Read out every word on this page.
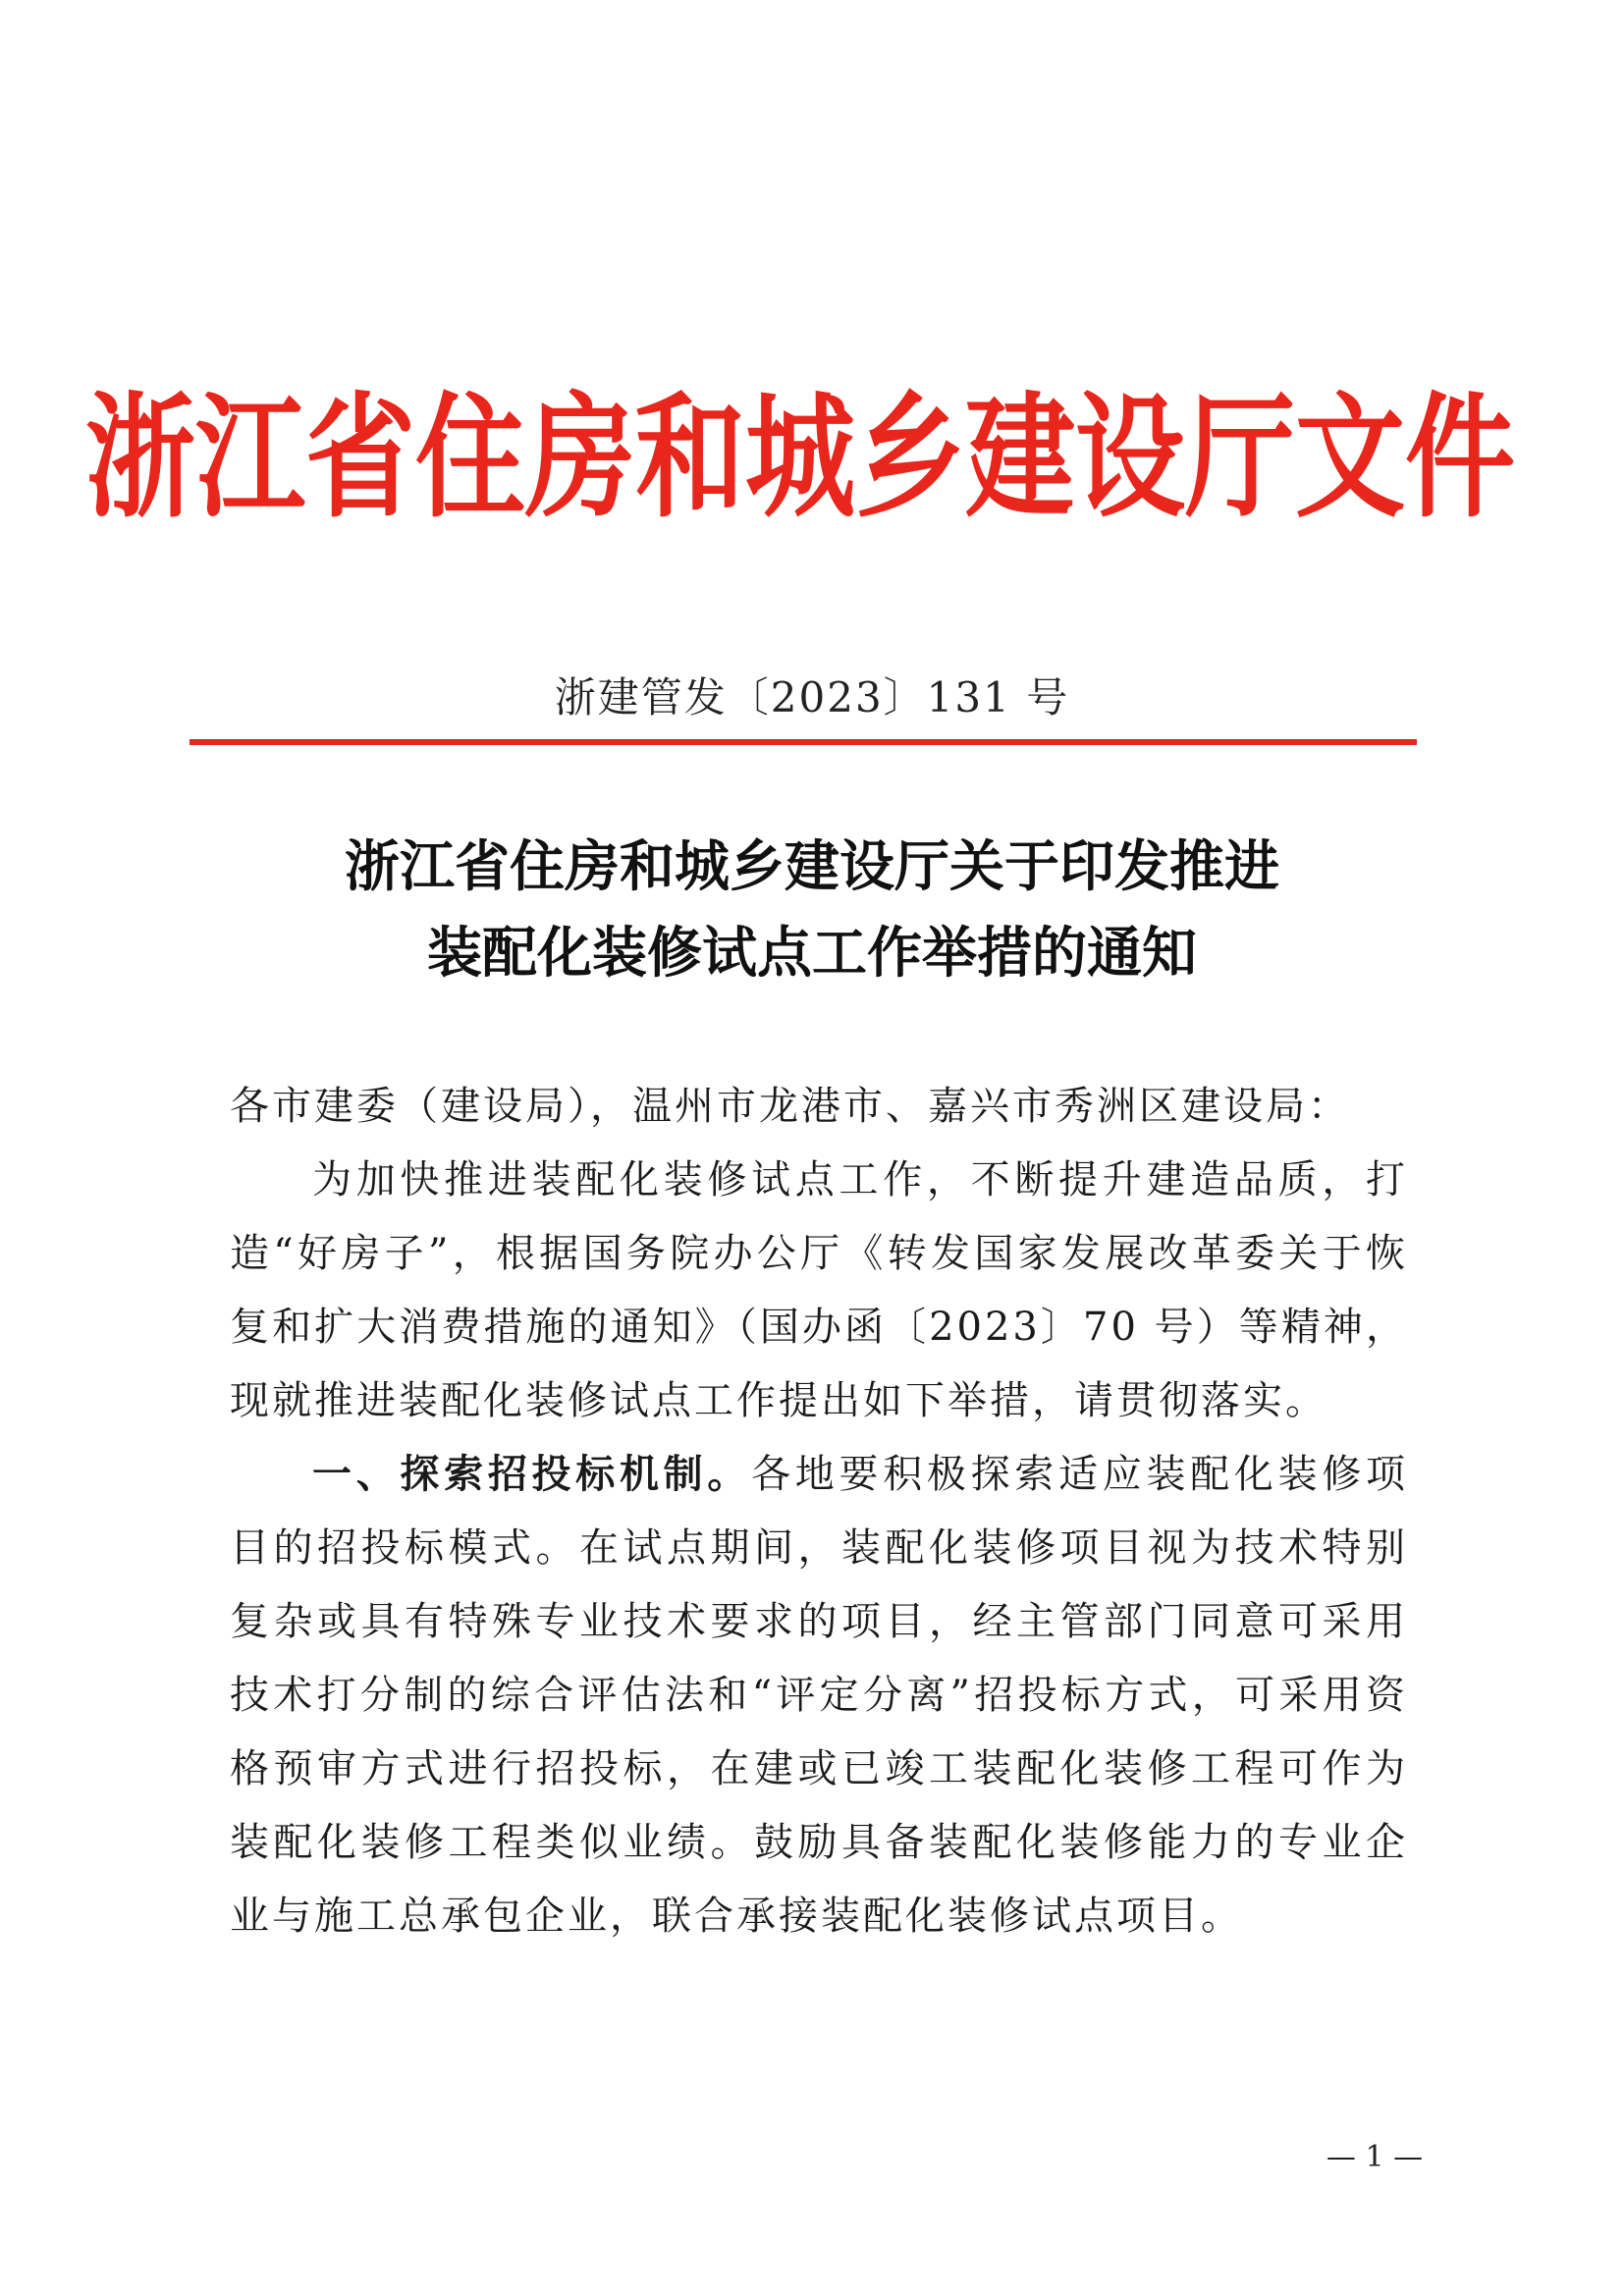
浙江省住房和城乡建设厅文件
浙建管发〔2023〕131 号
浙江省住房和城乡建设厅关于印发推进
装配化装修试点工作举措的通知

各市建委（建设局），温州市龙港市、嘉兴市秀洲区建设局：

为加快推进装配化装修试点工作，不断提升建造品质，打造“好房子”，根据国务院办公厅《转发国家发展改革委关于恢复和扩大消费措施的通知》（国办函〔2023〕70 号）等精神，现就推进装配化装修试点工作提出如下举措，请贯彻落实。

一、探索招投标机制。各地要积极探索适应装配化装修项目的招投标模式。在试点期间，装配化装修项目视为技术特别复杂或具有特殊专业技术要求的项目，经主管部门同意可采用技术打分制的综合评估法和“评定分离”招投标方式，可采用资格预审方式进行招投标，在建或已竣工装配化装修工程可作为装配化装修工程类似业绩。鼓励具备装配化装修能力的专业企业与施工总承包企业，联合承接装配化装修试点项目。

— 1 —
